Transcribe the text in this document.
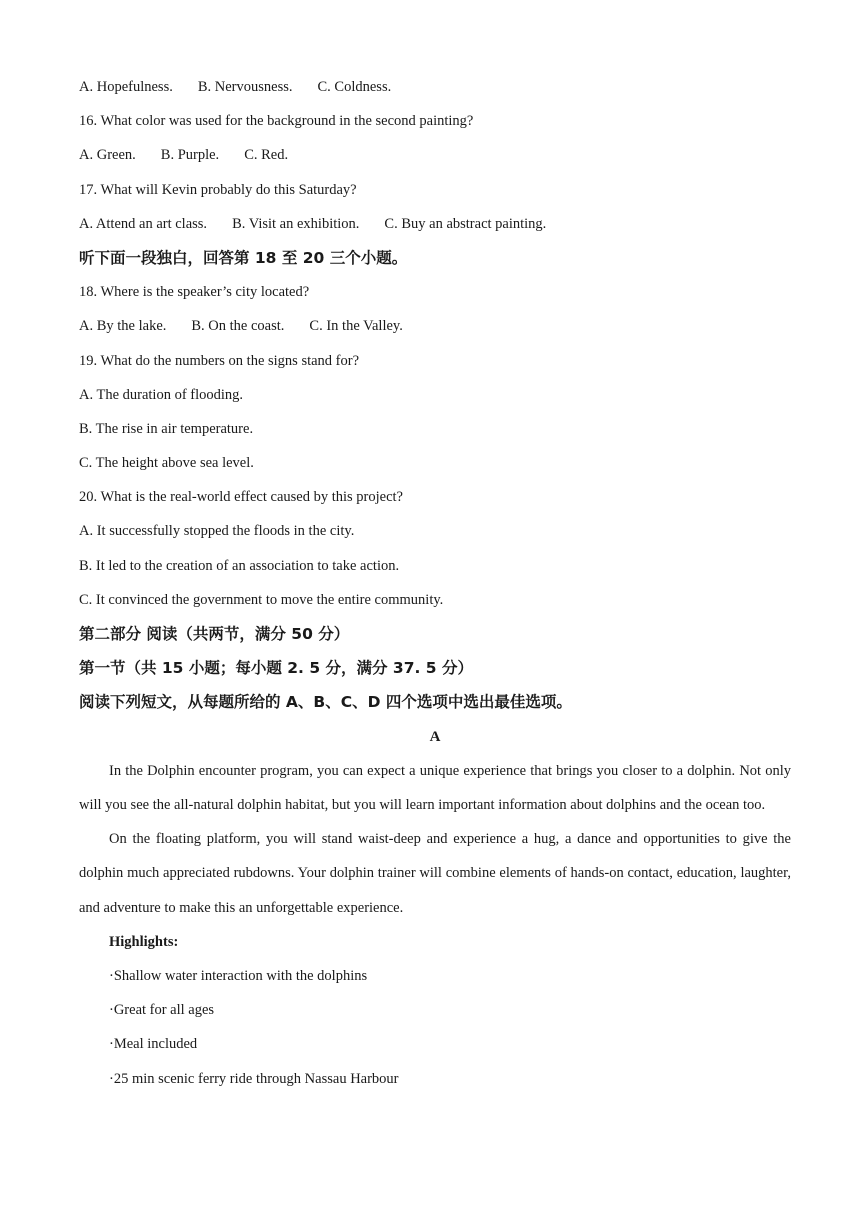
A. Hopefulness. B. Nervousness. C. Coldness.
16. What color was used for the background in the second painting?
A. Green. B. Purple. C. Red.
17. What will Kevin probably do this Saturday?
A. Attend an art class. B. Visit an exhibition. C. Buy an abstract painting.
听下面一段独白，回答第 18 至 20 三个小题。
18. Where is the speaker’s city located?
A. By the lake. B. On the coast. C. In the Valley.
19. What do the numbers on the signs stand for?
A. The duration of flooding.
B. The rise in air temperature.
C. The height above sea level.
20. What is the real-world effect caused by this project?
A. It successfully stopped the floods in the city.
B. It led to the creation of an association to take action.
C. It convinced the government to move the entire community.
第二部分 阅读（共两节，满分 50 分）
第一节（共 15 小题；每小题 2. 5 分，满分 37. 5 分）
阅读下列短文，从每题所给的 A、B、C、D 四个选项中选出最佳选项。
A
In the Dolphin encounter program, you can expect a unique experience that brings you closer to a dolphin. Not only will you see the all-natural dolphin habitat, but you will learn important information about dolphins and the ocean too.
On the floating platform, you will stand waist-deep and experience a hug, a dance and opportunities to give the dolphin much appreciated rubdowns. Your dolphin trainer will combine elements of hands-on contact, education, laughter, and adventure to make this an unforgettable experience.
Highlights:
·Shallow water interaction with the dolphins
·Great for all ages
·Meal included
·25 min scenic ferry ride through Nassau Harbour
